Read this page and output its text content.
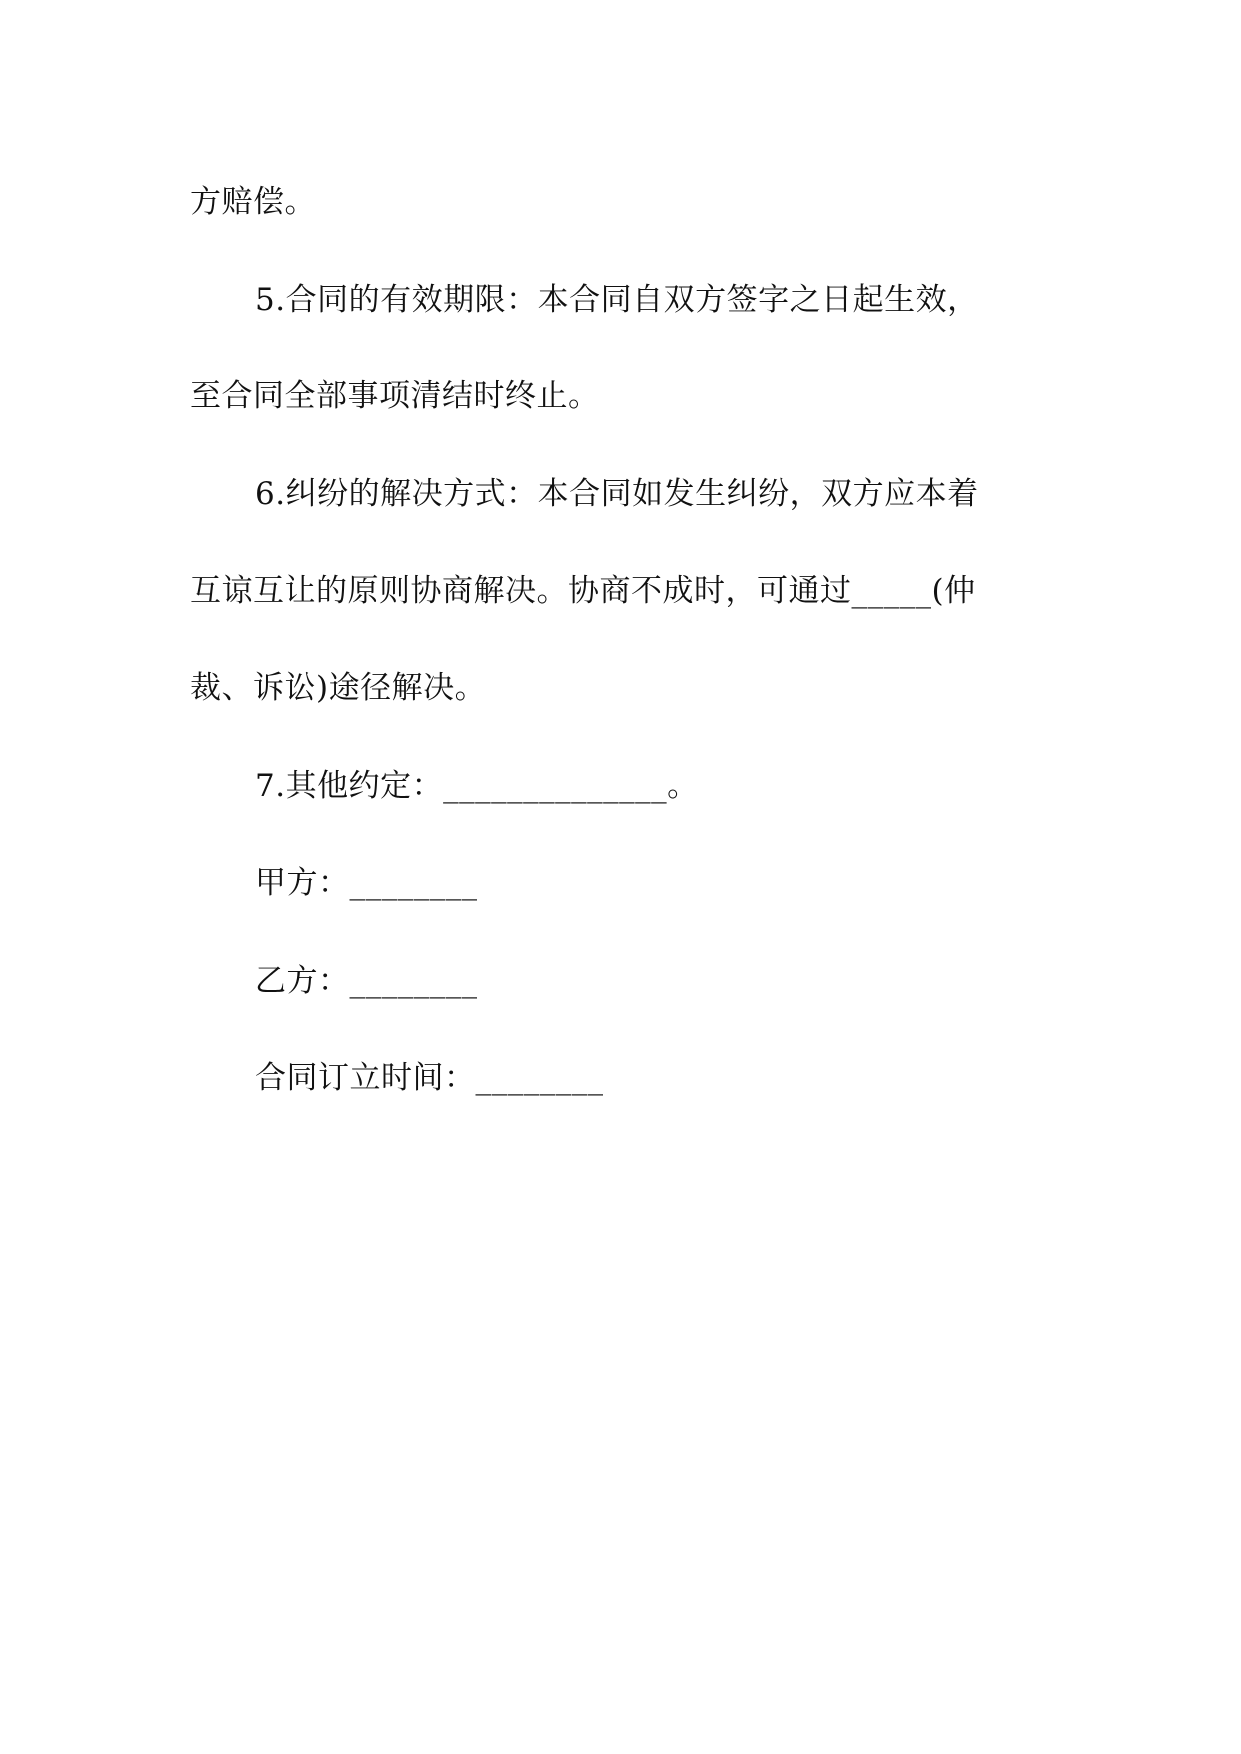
方赔偿。
5.合同的有效期限：本合同自双方签字之日起生效，
至合同全部事项清结时终止。
6.纠纷的解决方式：本合同如发生纠纷，双方应本着
互谅互让的原则协商解决。协商不成时，可通过_____(仲
裁、诉讼)途径解决。
7.其他约定：______________。
甲方：________
乙方：________
合同订立时间：________
